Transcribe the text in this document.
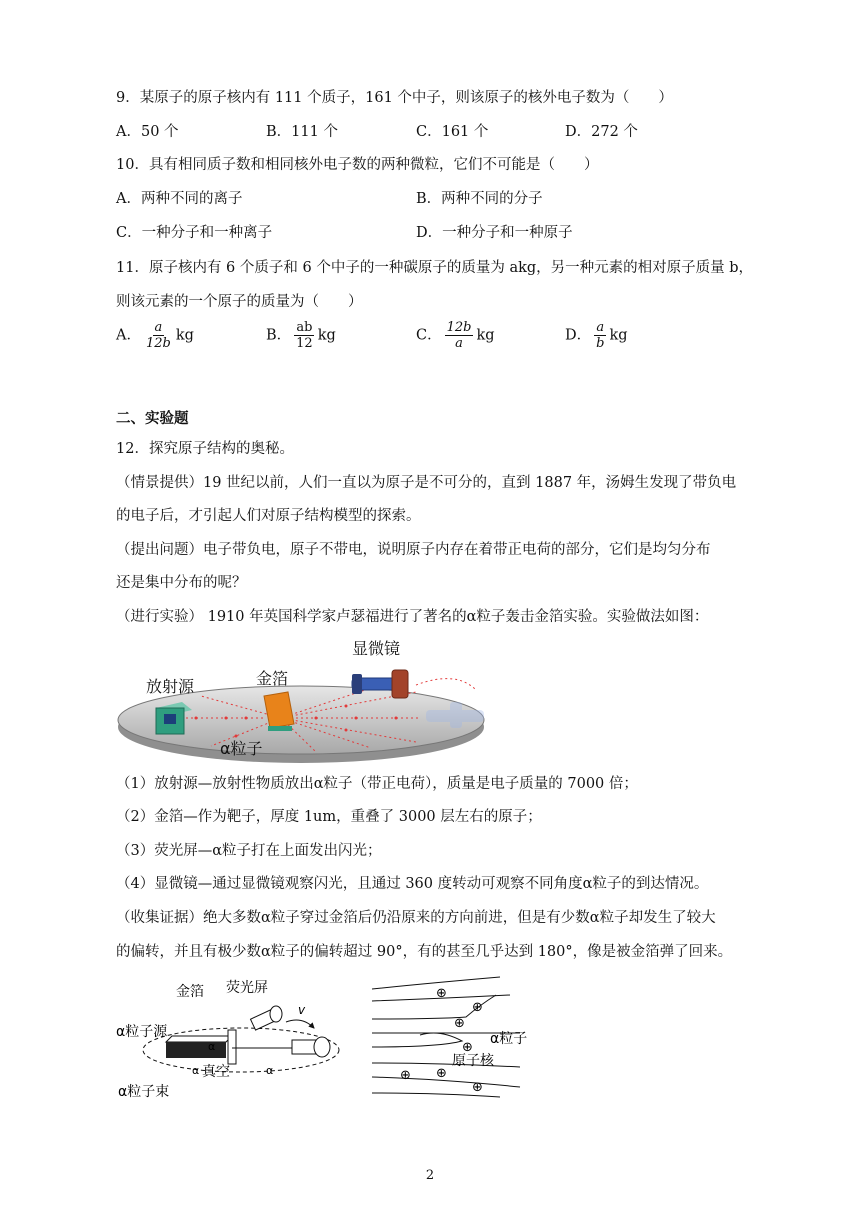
9．某原子的原子核内有 111 个质子，161 个中子，则该原子的核外电子数为（　　）
A．50 个	B．111 个	C．161 个	D．272 个
10．具有相同质子数和相同核外电子数的两种微粒，它们不可能是（　　）
A．两种不同的离子	B．两种不同的分子
C．一种分子和一种离子	D．一种分子和一种原子
11．原子核内有 6 个质子和 6 个中子的一种碳原子的质量为 akg，另一种元素的相对原子质量 b，
则该元素的一个原子的质量为（　　）
A． $\frac{a}{12b}$ kg	B． $\frac{ab}{12}$ kg	C． $\frac{12b}{a}$ kg	D． $\frac{a}{b}$ kg
二、实验题
12．探究原子结构的奥秘。
（情景提供）19 世纪以前，人们一直以为原子是不可分的，直到 1887 年，汤姆生发现了带负电
的电子后，才引起人们对原子结构模型的探索。
（提出问题）电子带负电，原子不带电，说明原子内存在着带正电荷的部分，它们是均匀分布
还是集中分布的呢？
（进行实验） 1910 年英国科学家卢瑟福进行了著名的α粒子轰击金箔实验。实验做法如图：
显微镜
金箔
放射源
α粒子
（1）放射源—放射性物质放出α粒子（带正电荷），质量是电子质量的 7000 倍；
（2）金箔—作为靶子，厚度 1um，重叠了 3000 层左右的原子；
（3）荧光屏—α粒子打在上面发出闪光；
（4）显微镜—通过显微镜观察闪光，且通过 360 度转动可观察不同角度α粒子的到达情况。
（收集证据）绝大多数α粒子穿过金箔后仍沿原来的方向前进，但是有少数α粒子却发生了较大
的偏转，并且有极少数α粒子的偏转超过 90°，有的甚至几乎达到 180°，像是被金箔弹了回来。
金箔 荧光屏
v
α粒子源
真空
α粒子束
α
α
α
⊕
⊕
⊕
⊕
⊕ ⊕
⊕
α粒子
原子核
2
